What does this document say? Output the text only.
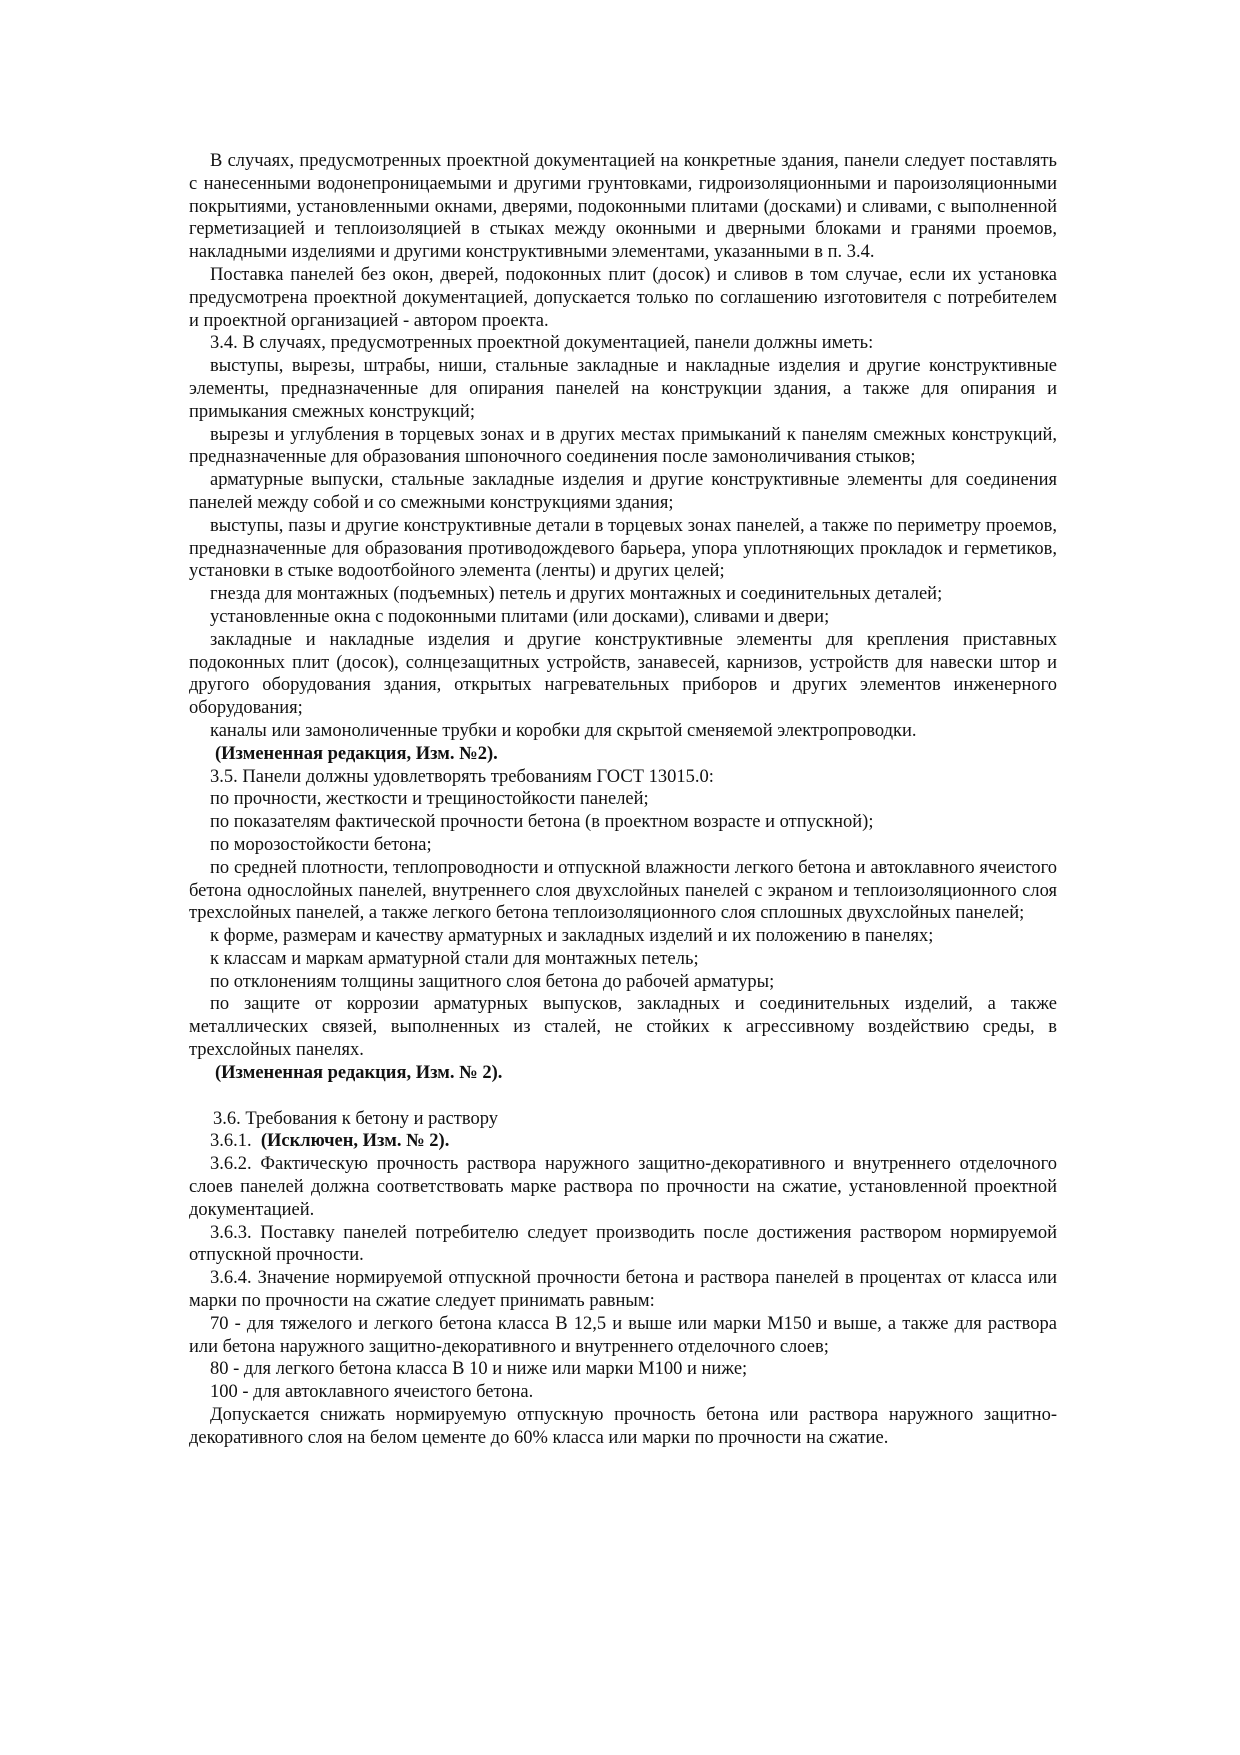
В случаях, предусмотренных проектной документацией на конкретные здания, панели следует поставлять с нанесенными водонепроницаемыми и другими грунтовками, гидроизоляционными и пароизоляционными покрытиями, установленными окнами, дверями, подоконными плитами (досками) и сливами, с выполненной герметизацией и теплоизоляцией в стыках между оконными и дверными блоками и гранями проемов, накладными изделиями и другими конструктивными элементами, указанными в п. 3.4.

Поставка панелей без окон, дверей, подоконных плит (досок) и сливов в том случае, если их установка предусмотрена проектной документацией, допускается только по соглашению изготовителя с потребителем и проектной организацией - автором проекта.

3.4. В случаях, предусмотренных проектной документацией, панели должны иметь:

выступы, вырезы, штрабы, ниши, стальные закладные и накладные изделия и другие конструктивные элементы, предназначенные для опирания панелей на конструкции здания, а также для опирания и примыкания смежных конструкций;

вырезы и углубления в торцевых зонах и в других местах примыканий к панелям смежных конструкций, предназначенные для образования шпоночного соединения после замоноличивания стыков;

арматурные выпуски, стальные закладные изделия и другие конструктивные элементы для соединения панелей между собой и со смежными конструкциями здания;

выступы, пазы и другие конструктивные детали в торцевых зонах панелей, а также по периметру проемов, предназначенные для образования противодождевого барьера, упора уплотняющих прокладок и герметиков, установки в стыке водоотбойного элемента (ленты) и других целей;

гнезда для монтажных (подъемных) петель и других монтажных и соединительных деталей;

установленные окна с подоконными плитами (или досками), сливами и двери;

закладные и накладные изделия и другие конструктивные элементы для крепления приставных подоконных плит (досок), солнцезащитных устройств, занавесей, карнизов, устройств для навески штор и другого оборудования здания, открытых нагревательных приборов и других элементов инженерного оборудования;

каналы или замоноличенные трубки и коробки для скрытой сменяемой электропроводки.

(Измененная редакция, Изм. №2).

3.5. Панели должны удовлетворять требованиям ГОСТ 13015.0:

по прочности, жесткости и трещиностойкости панелей;

по показателям фактической прочности бетона (в проектном возрасте и отпускной);

по морозостойкости бетона;

по средней плотности, теплопроводности и отпускной влажности легкого бетона и автоклавного ячеистого бетона однослойных панелей, внутреннего слоя двухслойных панелей с экраном и теплоизоляционного слоя трехслойных панелей, а также легкого бетона теплоизоляционного слоя сплошных двухслойных панелей;

к форме, размерам и качеству арматурных и закладных изделий и их положению в панелях;

к классам и маркам арматурной стали для монтажных петель;

по отклонениям толщины защитного слоя бетона до рабочей арматуры;

по защите от коррозии арматурных выпусков, закладных и соединительных изделий, а также металлических связей, выполненных из сталей, не стойких к агрессивному воздействию среды, в трехслойных панелях.

(Измененная редакция, Изм. № 2).

3.6. Требования к бетону и раствору

3.6.1. (Исключен, Изм. № 2).

3.6.2. Фактическую прочность раствора наружного защитно-декоративного и внутреннего отделочного слоев панелей должна соответствовать марке раствора по прочности на сжатие, установленной проектной документацией.

3.6.3. Поставку панелей потребителю следует производить после достижения раствором нормируемой отпускной прочности.

3.6.4. Значение нормируемой отпускной прочности бетона и раствора панелей в процентах от класса или марки по прочности на сжатие следует принимать равным:

70 - для тяжелого и легкого бетона класса В 12,5 и выше или марки М150 и выше, а также для раствора или бетона наружного защитно-декоративного и внутреннего отделочного слоев;

80 - для легкого бетона класса В 10 и ниже или марки М100 и ниже;

100 - для автоклавного ячеистого бетона.

Допускается снижать нормируемую отпускную прочность бетона или раствора наружного защитно-декоративного слоя на белом цементе до 60% класса или марки по прочности на сжатие.
